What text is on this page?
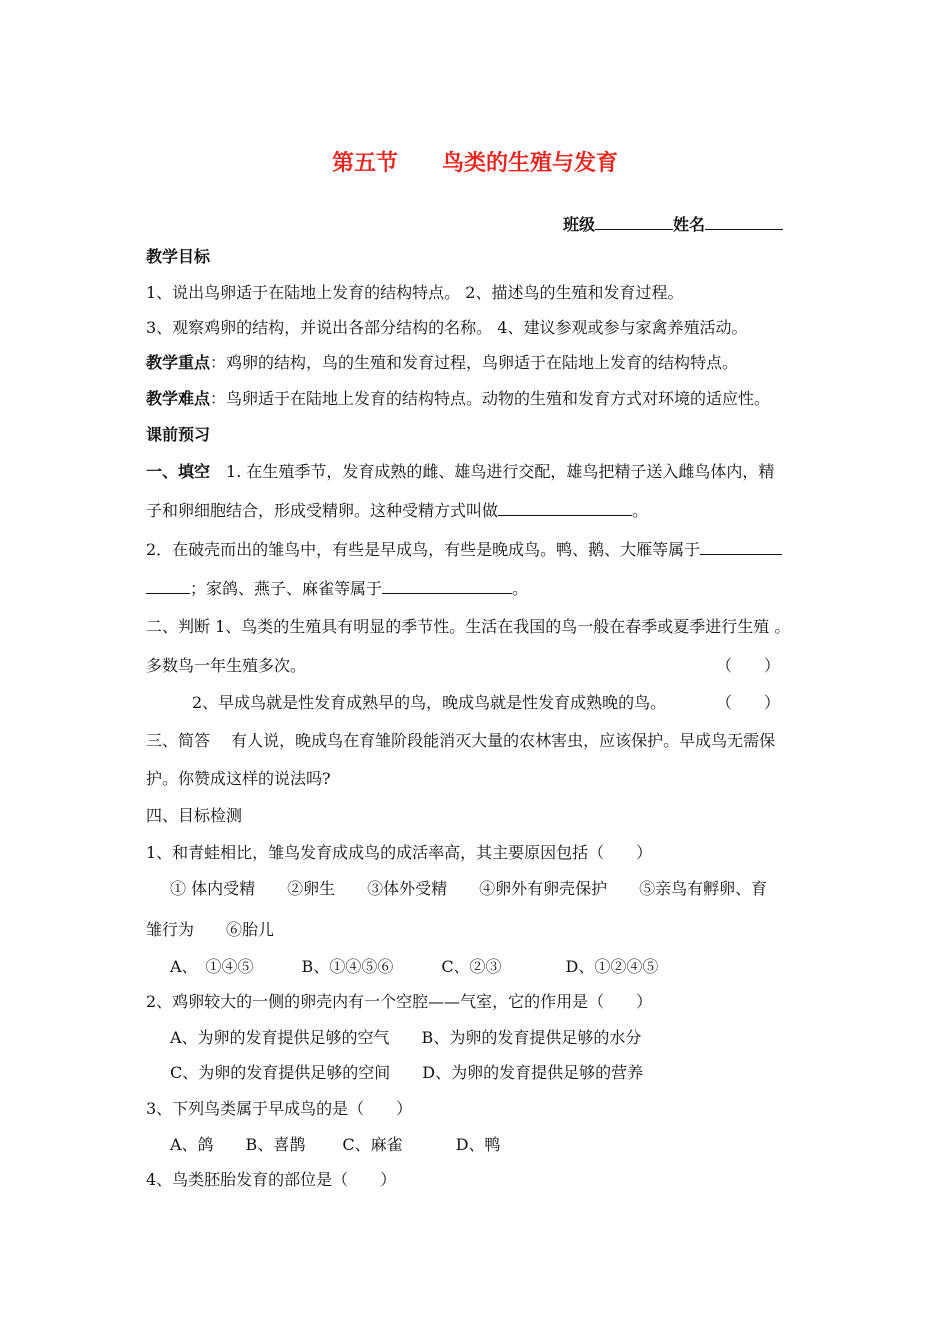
第五节 鸟类的生殖与发育
班级	姓名
教学目标
1、说出鸟卵适于在陆地上发育的结构特点。 2、描述鸟的生殖和发育过程。
3、观察鸡卵的结构，并说出各部分结构的名称。 4、建议参观或参与家禽养殖活动。
教学重点：鸡卵的结构，鸟的生殖和发育过程，鸟卵适于在陆地上发育的结构特点。
教学难点：鸟卵适于在陆地上发育的结构特点。动物的生殖和发育方式对环境的适应性。
课前预习
一、填空　 1. 在生殖季节，发育成熟的雌、雄鸟进行交配，雄鸟把精子送入雌鸟体内，精
子和卵细胞结合，形成受精卵。这种受精方式叫做	。
2．在破壳而出的雏鸟中，有些是早成鸟，有些是晚成鸟。鸭、鹅、大雁等属于
；家鸽、燕子、麻雀等属于	。
二、判断 1、鸟类的生殖具有明显的季节性。生活在我国的鸟一般在春季或夏季进行生殖 。
多数鸟一年生殖多次。	（　　）
2、早成鸟就是性发育成熟早的鸟，晚成鸟就是性发育成熟晚的鸟。	（　　）
三、简答　 有人说，晚成鸟在育雏阶段能消灭大量的农林害虫，应该保护。早成鸟无需保
护。你赞成这样的说法吗?
四、目标检测
1、和青蛙相比，雏鸟发育成成鸟的成活率高，其主要原因包括（　　）
① 体内受精　　②卵生　　③体外受精　　④卵外有卵壳保护　　⑤亲鸟有孵卵、育
雏行为　　⑥胎儿
A、　①④⑤　　　B、①④⑤⑥　　　C、②③　　　　D、①②④⑤
2、鸡卵较大的一侧的卵壳内有一个空腔——气室，它的作用是（　　）
A、为卵的发育提供足够的空气　　B、为卵的发育提供足够的水分
C、为卵的发育提供足够的空间　　D、为卵的发育提供足够的营养
3、下列鸟类属于早成鸟的是（　　）
A、鸽　　B、喜鹊　　 C、麻雀　　　 D、鸭
4、鸟类胚胎发育的部位是（　　）
